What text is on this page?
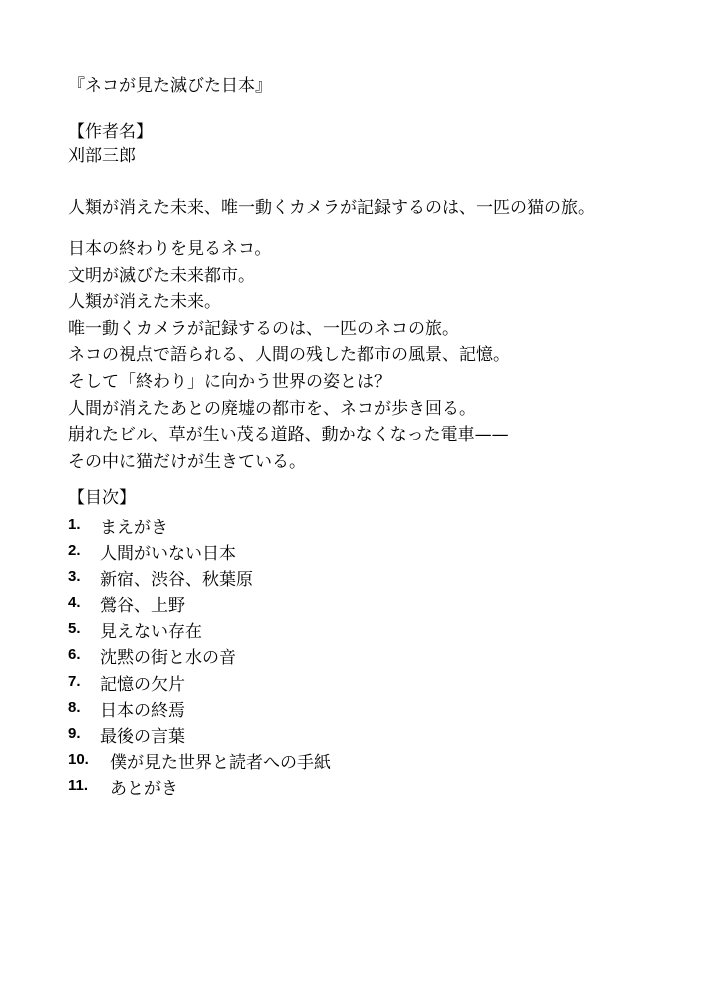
『ネコが見た滅びた日本』
【作者名】
刈部三郎
人類が消えた未来、唯一動くカメラが記録するのは、一匹の猫の旅。
日本の終わりを見るネコ。
文明が滅びた未来都市。
人類が消えた未来。
唯一動くカメラが記録するのは、一匹のネコの旅。
ネコの視点で語られる、人間の残した都市の風景、記憶。
そして「終わり」に向かう世界の姿とは？
人間が消えたあとの廃墟の都市を、ネコが歩き回る。
崩れたビル、草が生い茂る道路、動かなくなった電車——
その中に猫だけが生きている。
【目次】
1. まえがき
2. 人間がいない日本
3. 新宿、渋谷、秋葉原
4. 鶯谷、上野
5. 見えない存在
6. 沈黙の街と水の音
7. 記憶の欠片
8. 日本の終焉
9. 最後の言葉
10. 僕が見た世界と読者への手紙
11. あとがき
